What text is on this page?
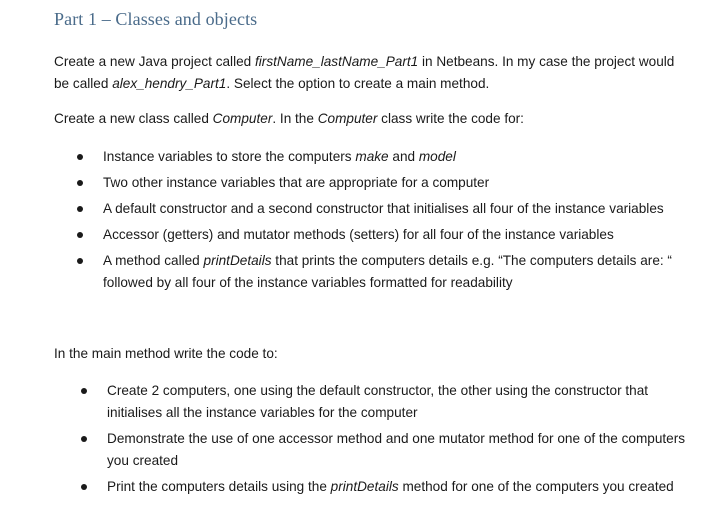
Part 1 – Classes and objects

Create a new Java project called firstName_lastName_Part1 in Netbeans. In my case the project would be called alex_hendry_Part1. Select the option to create a main method.

Create a new class called Computer. In the Computer class write the code for:

Instance variables to store the computers make and model
Two other instance variables that are appropriate for a computer
A default constructor and a second constructor that initialises all four of the instance variables
Accessor (getters) and mutator methods (setters) for all four of the instance variables
A method called printDetails that prints the computers details e.g. “The computers details are: “ followed by all four of the instance variables formatted for readability

In the main method write the code to:

Create 2 computers, one using the default constructor, the other using the constructor that initialises all the instance variables for the computer
Demonstrate the use of one accessor method and one mutator method for one of the computers you created
Print the computers details using the printDetails method for one of the computers you created
